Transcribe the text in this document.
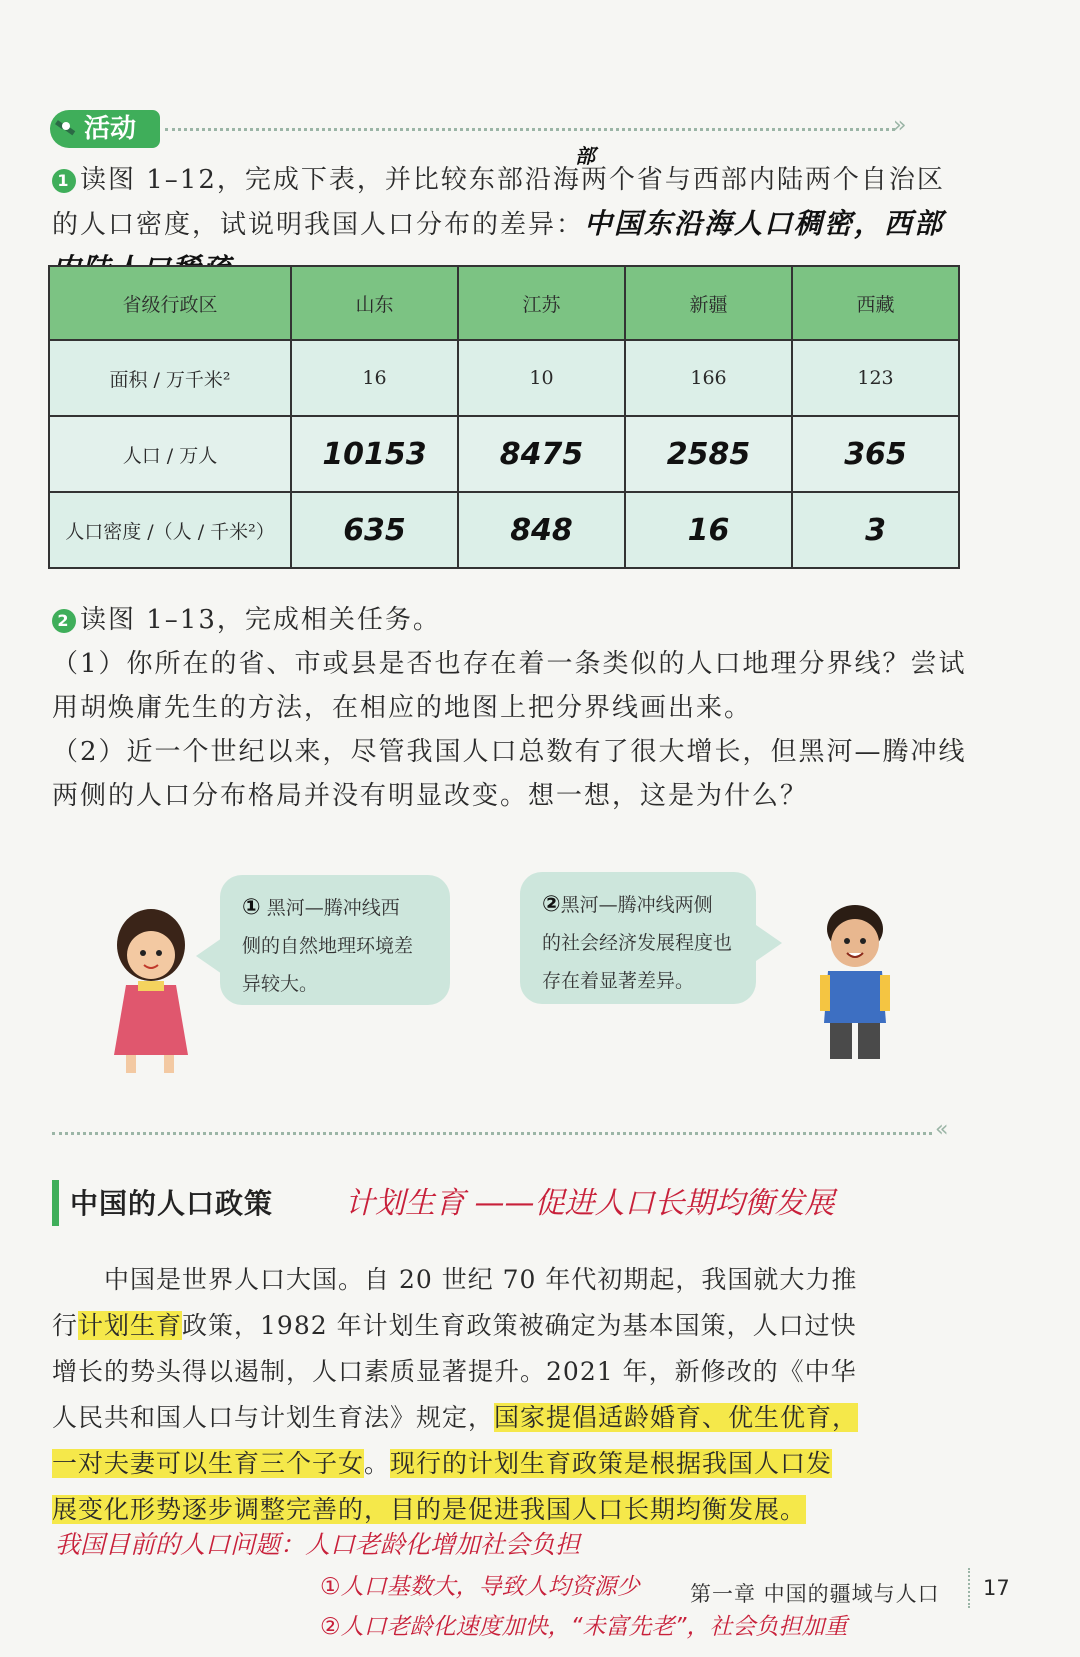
活动	»
1 读图 1–12，完成下表，并比较东部沿海两个省与西部内陆两个自治区
的人口密度，试说明我国人口分布的差异：中国东沿海人口稠密，西部
部
省级行政区	山东	江苏	新疆	西藏
面积 / 万千米²	16	10	166	123
人口 / 万人	10153	8475	2585	365
人口密度 /（人 / 千米²）	635	848	16	3
2 读图 1–13，完成相关任务。
（1）你所在的省、市或县是否也存在着一条类似的人口地理分界线？尝试
用胡焕庸先生的方法，在相应的地图上把分界线画出来。
（2）近一个世纪以来，尽管我国人口总数有了很大增长，但黑河—腾冲线
两侧的人口分布格局并没有明显改变。想一想，这是为什么？
① 黑河—腾冲线西
侧的自然地理环境差
异较大。
②黑河—腾冲线两侧
的社会经济发展程度也
存在着显著差异。
«
中国的人口政策 计划生育 ——促进人口长期均衡发展
中国是世界人口大国。自 20 世纪 70 年代初期起，我国就大力推
行计划生育政策，1982 年计划生育政策被确定为基本国策，人口过快
增长的势头得以遏制，人口素质显著提升。2021 年，新修改的《中华
人民共和国人口与计划生育法》规定，国家提倡适龄婚育、优生优育，
一对夫妻可以生育三个子女。现行的计划生育政策是根据我国人口发
展变化形势逐步调整完善的，目的是促进我国人口长期均衡发展。
我国目前的人口问题：人口老龄化增加社会负担
①人口基数大，导致人均资源少
②人口老龄化速度加快，“未富先老”，社会负担加重
第一章 中国的疆域与人口 17
